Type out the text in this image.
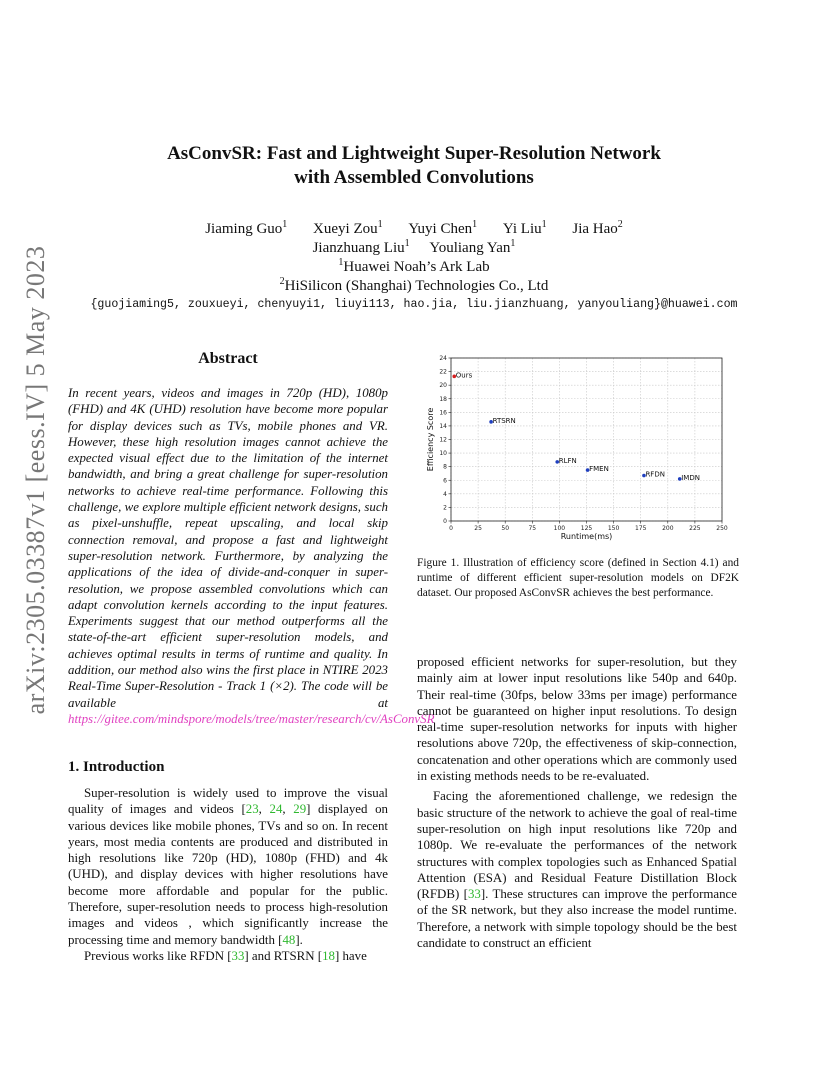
arXiv:2305.03387v1 [eess.IV] 5 May 2023
AsConvSR: Fast and Lightweight Super-Resolution Network
with Assembled Convolutions
Jiaming Guo$^1$ Xueyi Zou$^1$ Yuyi Chen$^1$ Yi Liu$^1$ Jia Hao$^2$
Jianzhuang Liu$^1$ Youliang Yan$^1$
$^1$Huawei Noah’s Ark Lab
$^2$HiSilicon (Shanghai) Technologies Co., Ltd
{guojiaming5, zouxueyi, chenyuyi1, liuyi113, hao.jia, liu.jianzhuang, yanyouliang}@huawei.com
Abstract

In recent years, videos and images in 720p (HD), 1080p (FHD) and 4K (UHD) resolution have become more popular for display devices such as TVs, mobile phones and VR. However, these high resolution images cannot achieve the expected visual effect due to the limitation of the internet bandwidth, and bring a great challenge for super-resolution networks to achieve real-time performance. Following this challenge, we explore multiple efficient network designs, such as pixel-unshuffle, repeat upscaling, and local skip connection removal, and propose a fast and lightweight super-resolution network. Furthermore, by analyzing the applications of the idea of divide-and-conquer in super-resolution, we propose assembled convolutions which can adapt convolution kernels according to the input features. Experiments suggest that our method outperforms all the state-of-the-art efficient super-resolution models, and achieves optimal results in terms of runtime and quality. In addition, our method also wins the first place in NTIRE 2023 Real-Time Super-Resolution - Track 1 (×2). The code will be available at https://gitee.com/mindspore/models/tree/master/research/cv/AsConvSR

1. Introduction

Super-resolution is widely used to improve the visual quality of images and videos [23, 24, 29] displayed on various devices like mobile phones, TVs and so on. In recent years, most media contents are produced and distributed in high resolutions like 720p (HD), 1080p (FHD) and 4k (UHD), and display devices with higher resolutions have become more affordable and popular for the public. Therefore, super-resolution needs to process high-resolution images and videos , which significantly increase the processing time and memory bandwidth [48].

Previous works like RFDN [33] and RTSRN [18] have

0	25	50	75	100	125	150	175	200	225	250
0
2
4
6
8
10
12
14
16
18
20
22
24
Runtime(ms)
Efficiency Score
Ours
RTSRN
RLFN
FMEN
RFDN IMDN
Figure 1. Illustration of efficiency score (defined in Section 4.1) and runtime of different efficient super-resolution models on DF2K dataset. Our proposed AsConvSR achieves the best performance.

proposed efficient networks for super-resolution, but they mainly aim at lower input resolutions like 540p and 640p. Their real-time (30fps, below 33ms per image) performance cannot be guaranteed on higher input resolutions. To design real-time super-resolution networks for inputs with higher resolutions above 720p, the effectiveness of skip-connection, concatenation and other operations which are commonly used in existing methods needs to be re-evaluated.

Facing the aforementioned challenge, we redesign the basic structure of the network to achieve the goal of real-time super-resolution on high input resolutions like 720p and 1080p. We re-evaluate the performances of the network structures with complex topologies such as Enhanced Spatial Attention (ESA) and Residual Feature Distillation Block (RFDB) [33]. These structures can improve the performance of the SR network, but they also increase the model runtime. Therefore, a network with simple topology should be the best candidate to construct an efficient
